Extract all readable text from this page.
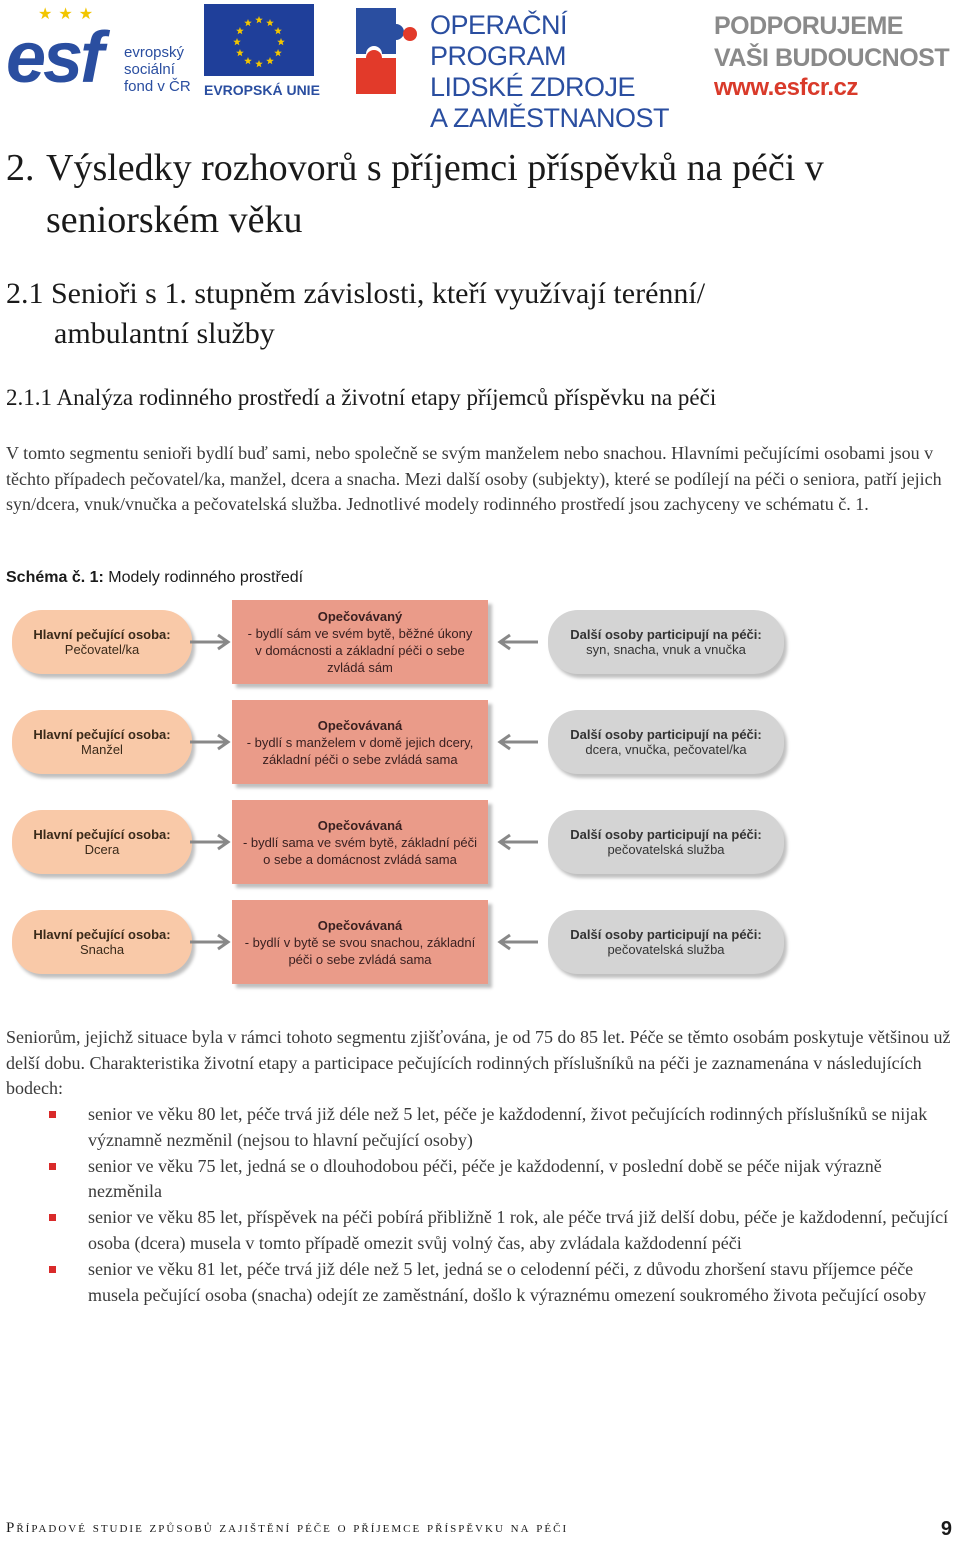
★ ★ ★
esf evropský
sociální
fond v ČR EVROPSKÁ UNIE
OPERAČNÍ PROGRAM
LIDSKÉ ZDROJE
A ZAMĚSTNANOST
PODPORUJEME
VAŠI BUDOUCNOST
www.esfcr.cz
2. Výsledky rozhovorů s příjemci příspěvků na péči v
seniorském věku
2.1 Senioři s 1. stupněm závislosti, kteří využívají terénní/
ambulantní služby
2.1.1 Analýza rodinného prostředí a životní etapy příjemců příspěvku na péči

V tomto segmentu senioři bydlí buď sami, nebo společně se svým manželem nebo snachou. Hlavními pečujícími osobami jsou v těchto případech pečovatel/ka, manžel, dcera a snacha. Mezi další osoby (subjekty), které se podílejí na péči o seniora, patří jejich syn/dcera, vnuk/vnučka a pečovatelská služba. Jednotlivé modely rodinného prostředí jsou zachyceny ve schématu č. 1.

Schéma č. 1: Modely rodinného prostředí
Hlavní pečující osoba:
Pečovatel/ka
Opečovávaný
- bydlí sám ve svém bytě, běžné úkony
v domácnosti a základní péči o sebe
zvládá sám
Další osoby participují na péči:
syn, snacha, vnuk a vnučka
Hlavní pečující osoba:
Manžel
Opečovávaná
- bydlí s manželem v domě jejich dcery,
základní péči o sebe zvládá sama
Další osoby participují na péči:
dcera, vnučka, pečovatel/ka
Hlavní pečující osoba:
Dcera
Opečovávaná
- bydlí sama ve svém bytě, základní péči
o sebe a domácnost zvládá sama
Další osoby participují na péči:
pečovatelská služba
Hlavní pečující osoba:
Snacha
Opečovávaná
- bydlí v bytě se svou snachou, základní
péči o sebe zvládá sama
Další osoby participují na péči:
pečovatelská služba

Seniorům, jejichž situace byla v rámci tohoto segmentu zjišťována, je od 75 do 85 let. Péče se těmto osobám poskytuje většinou už delší dobu. Charakteristika životní etapy a participace pečujících rodinných příslušníků na péči je zaznamenána v následujících bodech:

senior ve věku 80 let, péče trvá již déle než 5 let, péče je každodenní, život pečujících rodinných příslušníků se nijak významně nezměnil (nejsou to hlavní pečující osoby)
senior ve věku 75 let, jedná se o dlouhodobou péči, péče je každodenní, v poslední době se péče nijak výrazně nezměnila
senior ve věku 85 let, příspěvek na péči pobírá přibližně 1 rok, ale péče trvá již delší dobu, péče je každodenní, pečující osoba (dcera) musela v tomto případě omezit svůj volný čas, aby zvládala každodenní péči
senior ve věku 81 let, péče trvá již déle než 5 let, jedná se o celodenní péči, z důvodu zhoršení stavu příjemce péče musela pečující osoba (snacha) odejít ze zaměstnání, došlo k výraznému omezení soukromého života pečující osoby
Případové studie způsobů zajištění péče o příjemce příspěvku na péči	9
